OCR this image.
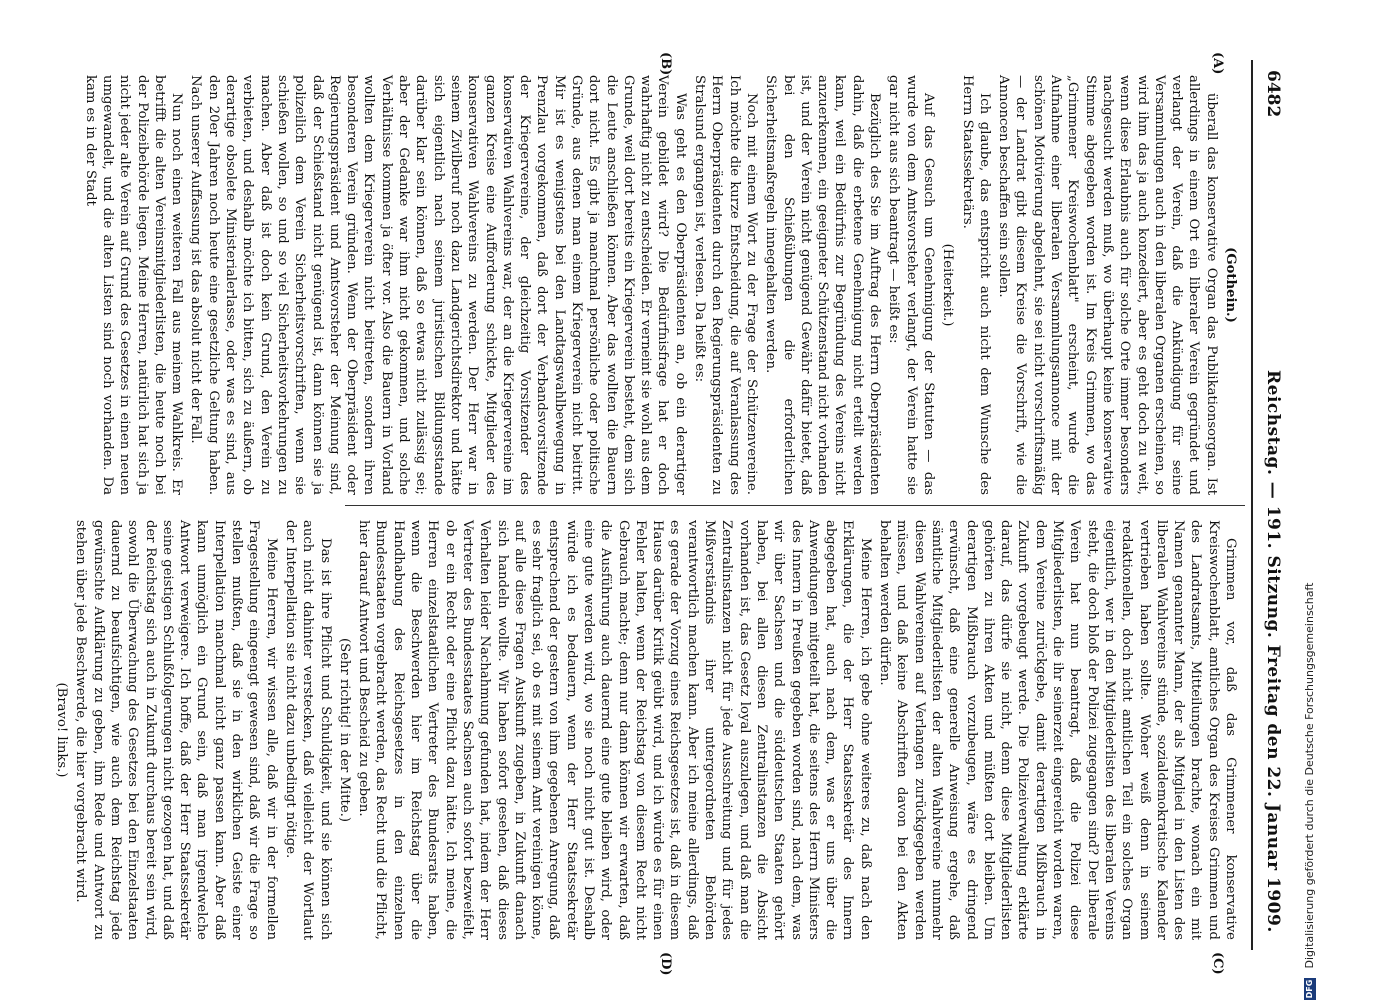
6482
Reichstag. — 191. Sitzung. Freitag den 22. Januar 1909.
(A)
(B)
(C)
(D)

(Gothein.)

überall das konservative Organ das Publikationsorgan. Ist allerdings in einem Ort ein liberaler Verein gegründet und verlangt der Verein, daß die Ankündigung für seine Versammlungen auch in den liberalen Organen erscheinen, so wird ihm das ja auch konzediert, aber es geht doch zu weit, wenn diese Erlaubnis auch für solche Orte immer besonders nachgesucht werden muß, wo überhaupt keine konservative Stimme abgegeben worden ist. Im Kreis Grimmen, wo das „Grimmener Kreiswochenblatt" erscheint, wurde die Aufnahme einer liberalen Versammlungsannonce mit der schönen Motivierung abgelehnt, sie sei nicht vorschriftsmäßig — der Landrat gibt diesem Kreise die Vorschrift, wie die Annoncen beschaffen sein sollen.

Ich glaube, das entspricht auch nicht dem Wunsche des Herrn Staatssekretärs.

(Heiterkeit.)

Auf das Gesuch um Genehmigung der Statuten — das wurde von dem Amtsvorsteher verlangt, der Verein hatte sie gar nicht aus sich beantragt — heißt es:

Bezüglich des Sie im Auftrag des Herrn Oberpräsidenten dahin, daß die erbetene Genehmigung nicht erteilt werden kann, weil ein Bedürfnis zur Begründung des Vereins nicht anzuerkennen, ein geeigneter Schützenstand nicht vorhanden ist, und der Verein nicht genügend Gewähr dafür bietet, daß bei den Schießübungen die erforderlichen Sicherheitsmaßregeln innegehalten werden.

Noch mit einem Wort zu der Frage der Schützenvereine. Ich möchte die kurze Entscheidung, die auf Veranlassung des Herrn Oberpräsidenten durch den Regierungspräsidenten zu Stralsund ergangen ist, verlesen. Da heißt es:

Was geht es den Oberpräsidenten an, ob ein derartiger Verein gebildet wird? Die Bedürfnisfrage hat er doch wahrhaftig nicht zu entscheiden. Er verneint sie wohl aus dem Grunde, weil dort bereits ein Kriegerverein besteht, dem sich die Leute anschließen können. Aber das wollten die Bauern dort nicht. Es gibt ja manchmal persönliche oder politische Gründe, aus denen man einem Kriegerverein nicht beitritt. Mir ist es wenigstens bei den Landtagswahlbewegung in Prenzlau vorgekommen, daß dort der Verbandsvorsitzende der Kriegervereine, der gleichzeitig Vorsitzender des konservativen Wahlvereins war, der an die Kriegervereine im ganzen Kreise eine Aufforderung schickte, Mitglieder des konservativen Wahlvereins zu werden. Der Herr war in seinem Zivilberuf noch dazu Landgerichtsdirektor und hätte sich eigentlich nach seinem juristischen Bildungsstande darüber klar sein können, daß so etwas nicht zulässig sei; aber der Gedanke war ihm nicht gekommen, und solche Verhältnisse kommen ja öfter vor. Also die Bauern in Vorland wollten dem Kriegerverein nicht beitreten, sondern ihren besonderen Verein gründen. Wenn der Oberpräsident oder Regierungspräsident und Amtsvorsteher der Meinung sind, daß der Schießstand nicht genügend ist, dann können sie ja polizeilich dem Verein Sicherheitsvorschriften, wenn sie schießen wollen, so und so viel Sicherheitsvorkehrungen zu machen. Aber daß ist doch kein Grund, den Verein zu verbieten, und deshalb möchte ich bitten, sich zu äußern, ob derartige obsolete Ministerialerlasse, oder was es sind, aus den 20er Jahren noch heute eine gesetzliche Geltung haben. Nach unserer Auffassung ist das absolut nicht der Fall.

Nun noch einen weiteren Fall aus meinem Wahlkreis. Er betrifft die alten Vereinsmitgliederlisten, die heute noch bei der Polizeibehörde liegen. Meine Herren, natürlich hat sich ja nicht jeder alte Verein auf Grund des Gesetzes in einen neuen umgewandelt, und die alten Listen sind noch vorhanden. Da kam es in der Stadt

Grimmen vor, daß das Grimmener konservative Kreiswochenblatt, amtliches Organ des Kreises Grimmen und des Landratsamts, Mitteilungen brachte, wonach ein mit Namen genannter Mann, der als Mitglied in den Listen des liberalen Wahlvereins stünde, sozialdemokratische Kalender vertrieben haben sollte. Woher weiß denn in seinem redaktionellen, doch nicht amtlichen Teil ein solches Organ eigentlich, wer in den Mitgliederlisten des liberalen Vereins steht, die doch bloß der Polizei zugegangen sind? Der liberale Verein hat nun beantragt, daß die Polizei diese Mitgliederlisten, die ihr seinerzeit eingereicht worden waren, dem Vereine zurückgebe, damit derartigen Mißbrauch in Zukunft vorgebeugt werde. Die Polizeiverwaltung erklärte darauf, das dürfe sie nicht, denn diese Mitgliederlisten gehörten zu ihren Akten und müßten dort bleiben. Um derartigen Mißbrauch vorzubeugen, wäre es dringend erwünscht, daß eine generelle Anweisung ergehe, daß sämtliche Mitgliederlisten der alten Wahlvereine nunmehr diesen Wahlvereinen auf Verlangen zurückgegeben werden müssen, und daß keine Abschriften davon bei den Akten behalten werden dürfen.

Meine Herren, ich gebe ohne weiteres zu, daß nach den Erklärungen, die der Herr Staatssekretär des Innern abgegeben hat, auch nach dem, was er uns über die Anwendungen mitgeteilt hat, die seitens des Herrn Ministers des Innern in Preußen gegeben worden sind, nach dem, was wir über Sachsen und die süddeutschen Staaten gehört haben, bei allen diesen Zentralinstanzen die Absicht vorhanden ist, das Gesetz loyal auszulegen, und daß man die Zentralinstanzen nicht für jede Ausschreitung und für jedes Mißverständnis ihrer untergeordneten Behörden verantwortlich machen kann. Aber ich meine allerdings, daß es gerade der Vorzug eines Reichsgesetzes ist, daß in diesem Hause darüber Kritik geübt wird, und ich würde es für einen Fehler halten, wenn der Reichstag von diesem Recht nicht Gebrauch machte; denn nur dann können wir erwarten, daß die Ausführung auch dauernd eine gute bleiben wird, oder eine gute werden wird, wo sie noch nicht gut ist. Deshalb würde ich es bedauern, wenn der Herr Staatssekretär entsprechend der gestern von ihm gegebenen Anregung, daß es sehr fraglich sei, ob es mit seinem Amt vereinigen könne, auf alle diese Fragen Auskunft zugeben, in Zukunft danach sich handeln wollte. Wir haben sofort gesehen, daß dieses Verhalten leider Nachahmung gefunden hat, indem der Herr Vertreter des Bundesstaates Sachsen auch sofort bezweifelt, ob er ein Recht oder eine Pflicht dazu hätte. Ich meine, die Herren einzelstaatlichen Vertreter des Bundesrats haben, wenn die Beschwerden hier im Reichstag über die Handhabung des Reichsgesetzes in den einzelnen Bundesstaaten vorgebracht werden, das Recht und die Pflicht, hier darauf Antwort und Bescheid zu geben.

(Sehr richtig! in der Mitte.)

Das ist ihre Pflicht und Schuldigkeit, und sie können sich auch nicht dahinter verstecken, daß vielleicht der Wortlaut der Interpellation sie nicht dazu unbedingt nötige.

Meine Herren, wir wissen alle, daß wir in der formellen Fragestellung eingeengt gewesen sind, daß wir die Frage so stellen mußten, daß sie in den wirklichen Geiste einer Interpellation manchmal nicht ganz passen kann. Aber daß kann unmöglich ein Grund sein, daß man irgendwelche Antwort verweigere. Ich hoffe, daß der Herr Staatssekretär seine geistigen Schlußfolgerungen nicht gezogen hat, und daß der Reichstag sich auch in Zukunft durchaus bereit sein wird, sowohl die Überwachung des Gesetzes bei den Einzelstaaten dauernd zu beaufsichtigen, wie auch dem Reichstag jede gewünschte Aufklärung zu geben, ihm Rede und Antwort zu stehen über jede Beschwerde, die hier vorgebracht wird.

(Bravo! links.)

DFG Digitalisierung gefördert durch die Deutsche Forschungsgemeinschaft
